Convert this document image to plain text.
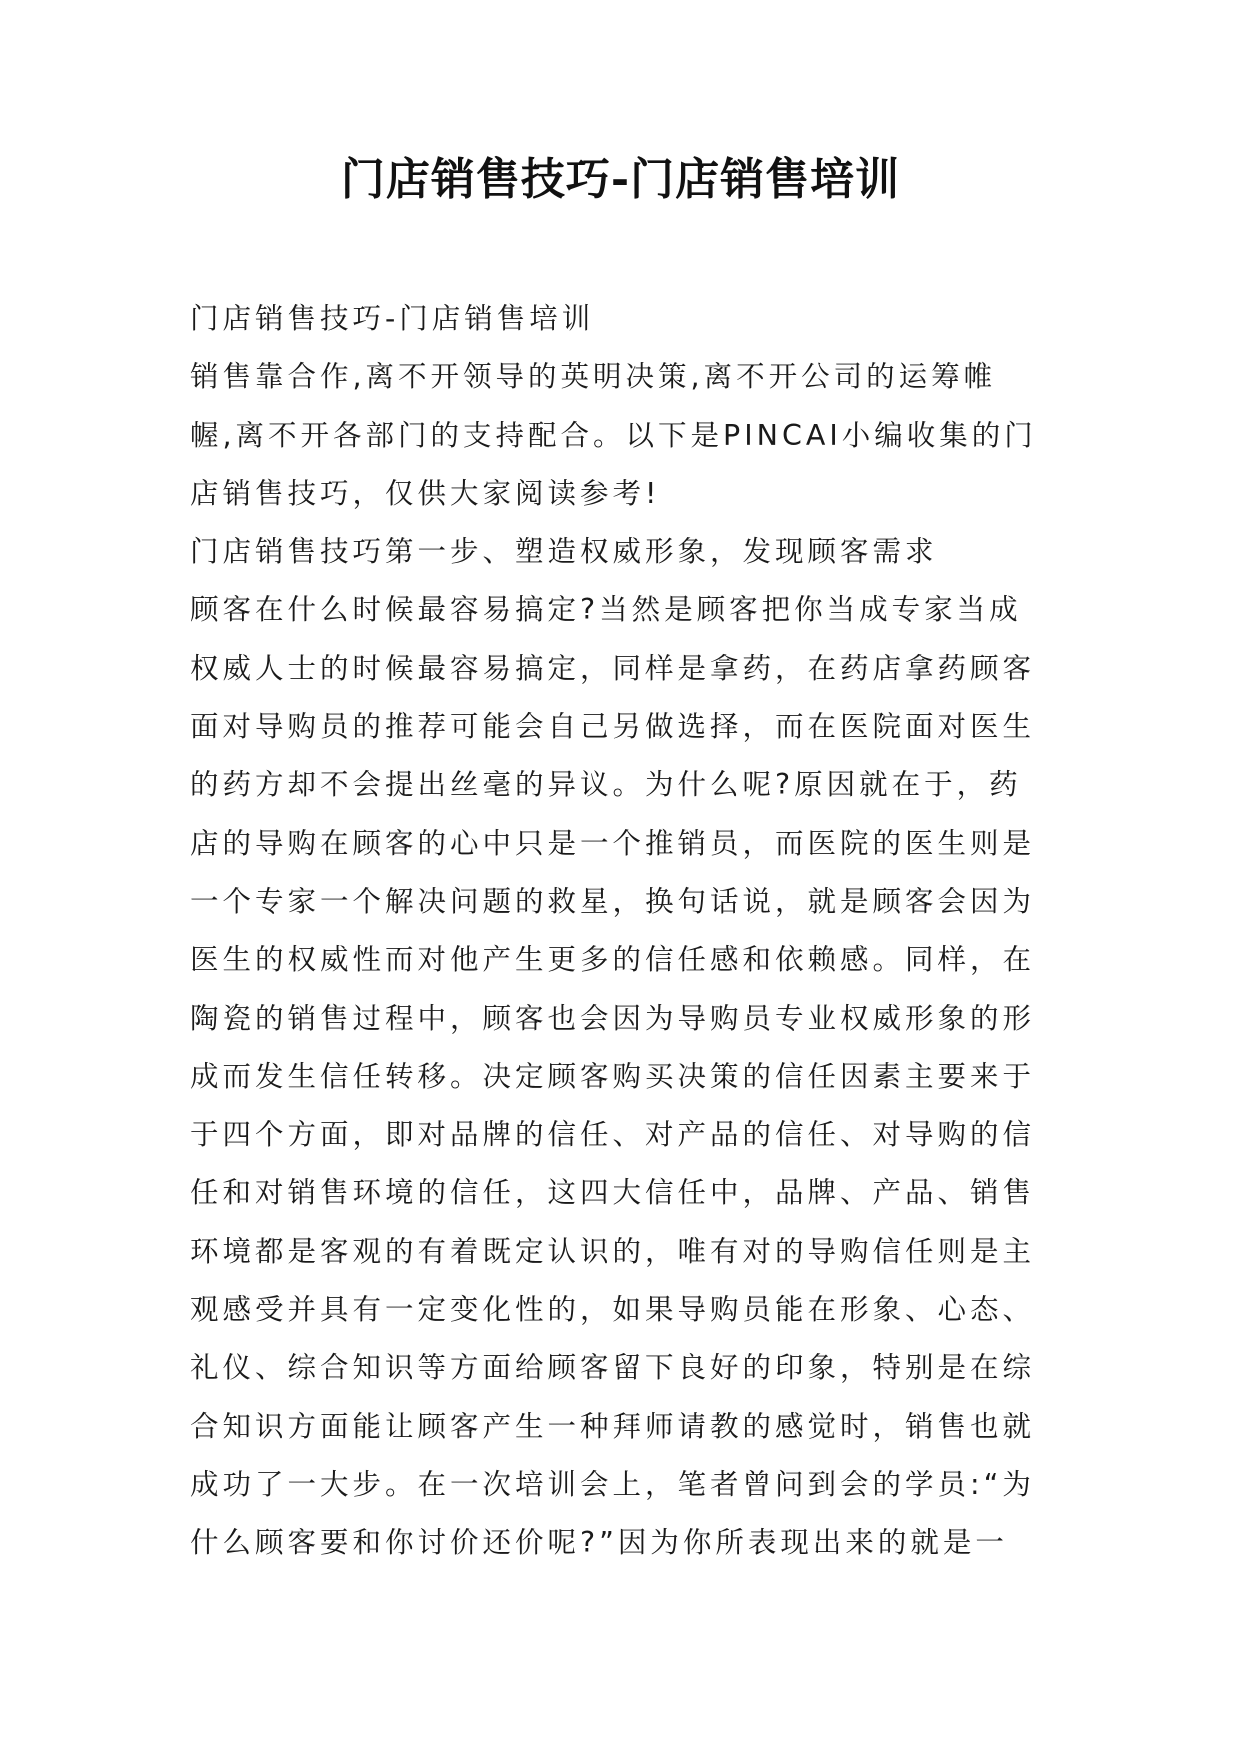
门店销售技巧-门店销售培训
门店销售技巧-门店销售培训
销售靠合作,离不开领导的英明决策,离不开公司的运筹帷
幄,离不开各部门的支持配合。以下是PINCAI小编收集的门
店销售技巧，仅供大家阅读参考!
门店销售技巧第一步、塑造权威形象，发现顾客需求
顾客在什么时候最容易搞定?当然是顾客把你当成专家当成
权威人士的时候最容易搞定，同样是拿药，在药店拿药顾客
面对导购员的推荐可能会自己另做选择，而在医院面对医生
的药方却不会提出丝毫的异议。为什么呢?原因就在于，药
店的导购在顾客的心中只是一个推销员，而医院的医生则是
一个专家一个解决问题的救星，换句话说，就是顾客会因为
医生的权威性而对他产生更多的信任感和依赖感。同样，在
陶瓷的销售过程中，顾客也会因为导购员专业权威形象的形
成而发生信任转移。决定顾客购买决策的信任因素主要来于
于四个方面，即对品牌的信任、对产品的信任、对导购的信
任和对销售环境的信任，这四大信任中，品牌、产品、销售
环境都是客观的有着既定认识的，唯有对的导购信任则是主
观感受并具有一定变化性的，如果导购员能在形象、心态、
礼仪、综合知识等方面给顾客留下良好的印象，特别是在综
合知识方面能让顾客产生一种拜师请教的感觉时，销售也就
成功了一大步。在一次培训会上，笔者曾问到会的学员:“为
什么顾客要和你讨价还价呢?”因为你所表现出来的就是一
